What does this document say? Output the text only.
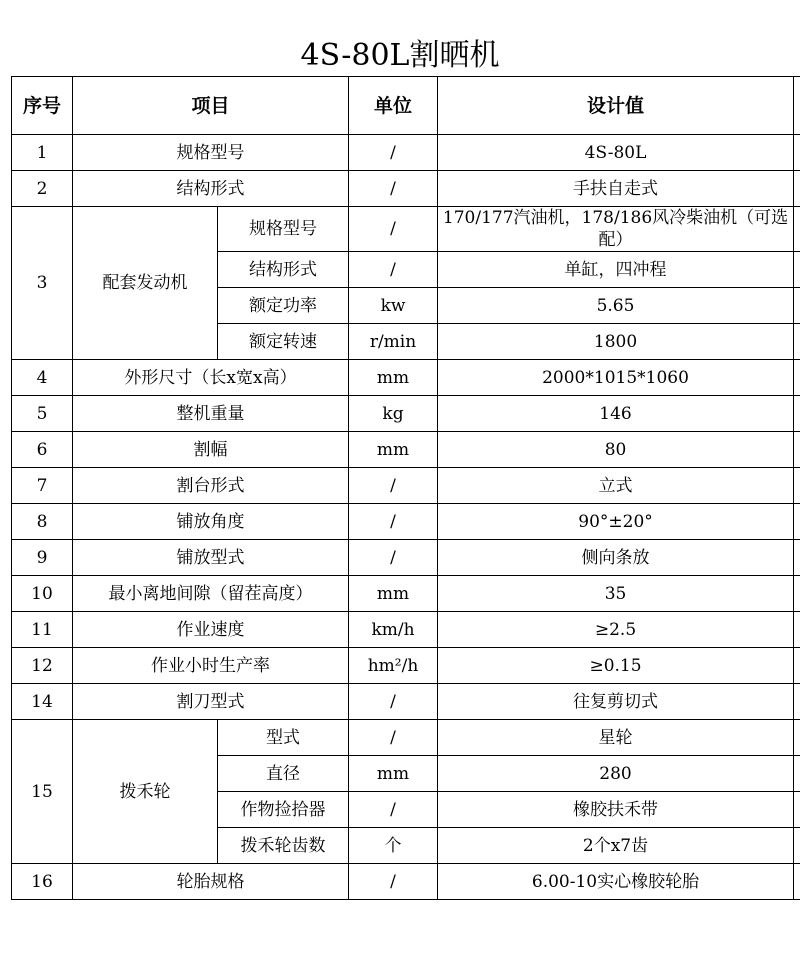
4S-80L割晒机
序号	项目		单位	设计值	
1	规格型号		/	4S-80L	
2	结构形式		/	手扶自走式	
3	配套发动机	规格型号	/	170/177汽油机，178/186风冷柴油机（可选配）	
		结构形式	/	单缸，四冲程	
		额定功率	kw	5.65	
		额定转速	r/min	1800	
4	外形尺寸（长x宽x高）		mm	2000*1015*1060	
5	整机重量		kg	146	
6	割幅		mm	80	
7	割台形式		/	立式	
8	铺放角度		/	90°±20°	
9	铺放型式		/	侧向条放	
10	最小离地间隙（留茬高度）		mm	35	
11	作业速度		km/h	≥2.5	
12	作业小时生产率		hm²/h	≥0.15	
14	割刀型式		/	往复剪切式	
15	拨禾轮	型式	/	星轮	
		直径	mm	280	
		作物捡拾器	/	橡胶扶禾带	
		拨禾轮齿数	个	2个x7齿	
16	轮胎规格		/	6.00-10实心橡胶轮胎	
